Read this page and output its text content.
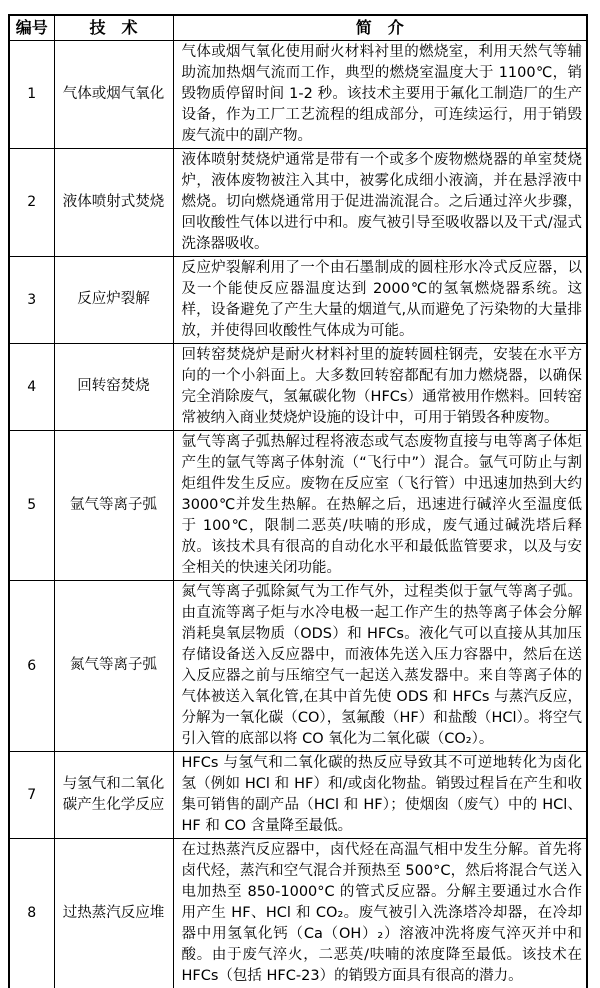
编号	技　术	简　介
1	气体或烟气氧化	气体或烟气氧化使用耐火材料衬里的燃烧室，利用天然气等辅助流加热烟气流而工作，典型的燃烧室温度大于 1100℃，销毁物质停留时间 1-2 秒。该技术主要用于氟化工制造厂的生产设备，作为工厂工艺流程的组成部分，可连续运行，用于销毁废气流中的副产物。
2	液体喷射式焚烧	液体喷射焚烧炉通常是带有一个或多个废物燃烧器的单室焚烧炉，液体废物被注入其中，被雾化成细小液滴，并在悬浮液中燃烧。切向燃烧通常用于促进湍流混合。之后通过淬火步骤，回收酸性气体以进行中和。废气被引导至吸收器以及干式/湿式洗涤器吸收。
3	反应炉裂解	反应炉裂解利用了一个由石墨制成的圆柱形水冷式反应器，以及一个能使反应器温度达到 2000℃的氢氧燃烧器系统。这样，设备避免了产生大量的烟道气,从而避免了污染物的大量排放，并使得回收酸性气体成为可能。
4	回转窑焚烧	回转窑焚烧炉是耐火材料衬里的旋转圆柱钢壳，安装在水平方向的一个小斜面上。大多数回转窑都配有加力燃烧器，以确保完全消除废气，氢氟碳化物（HFCs）通常被用作燃料。回转窑常被纳入商业焚烧炉设施的设计中，可用于销毁各种废物。
5	氩气等离子弧	氩气等离子弧热解过程将液态或气态废物直接与电等离子体炬产生的氩气等离子体射流（“飞行中”）混合。氩气可防止与割炬组件发生反应。废物在反应室（飞行管）中迅速加热到大约 3000℃并发生热解。在热解之后，迅速进行碱淬火至温度低于 100℃，限制二恶英/呋喃的形成，废气通过碱洗塔后释放。该技术具有很高的自动化水平和最低监管要求，以及与安全相关的快速关闭功能。
6	氮气等离子弧	氮气等离子弧除氮气为工作气外，过程类似于氩气等离子弧。由直流等离子炬与水冷电极一起工作产生的热等离子体会分解消耗臭氧层物质（ODS）和 HFCs。液化气可以直接从其加压存储设备送入反应器中，而液体先送入压力容器中，然后在送入反应器之前与压缩空气一起送入蒸发器中。来自等离子体的气体被送入氧化管,在其中首先使 ODS 和 HFCs 与蒸汽反应，分解为一氧化碳（CO），氢氟酸（HF）和盐酸（HCl）。将空气引入管的底部以将 CO 氧化为二氧化碳（CO₂）。
7	与氢气和二氧化碳产生化学反应	HFCs 与氢气和二氧化碳的热反应导致其不可逆地转化为卤化氢（例如 HCl 和 HF）和/或卤化物盐。销毁过程旨在产生和收集可销售的副产品（HCl 和 HF）；使烟囱（废气）中的 HCl、HF 和 CO 含量降至最低。
8	过热蒸汽反应堆	在过热蒸汽反应器中，卤代烃在高温气相中发生分解。首先将卤代烃，蒸汽和空气混合并预热至 500°C，然后将混合气送入电加热至 850-1000°C 的管式反应器。分解主要通过水合作用产生 HF、HCl 和 CO₂。废气被引入洗涤塔冷却器，在冷却器中用氢氧化钙（Ca（OH）₂）溶液冲洗将废气淬灭并中和酸。由于废气淬火，二恶英/呋喃的浓度降至最低。该技术在 HFCs（包括 HFC-23）的销毁方面具有很高的潜力。
